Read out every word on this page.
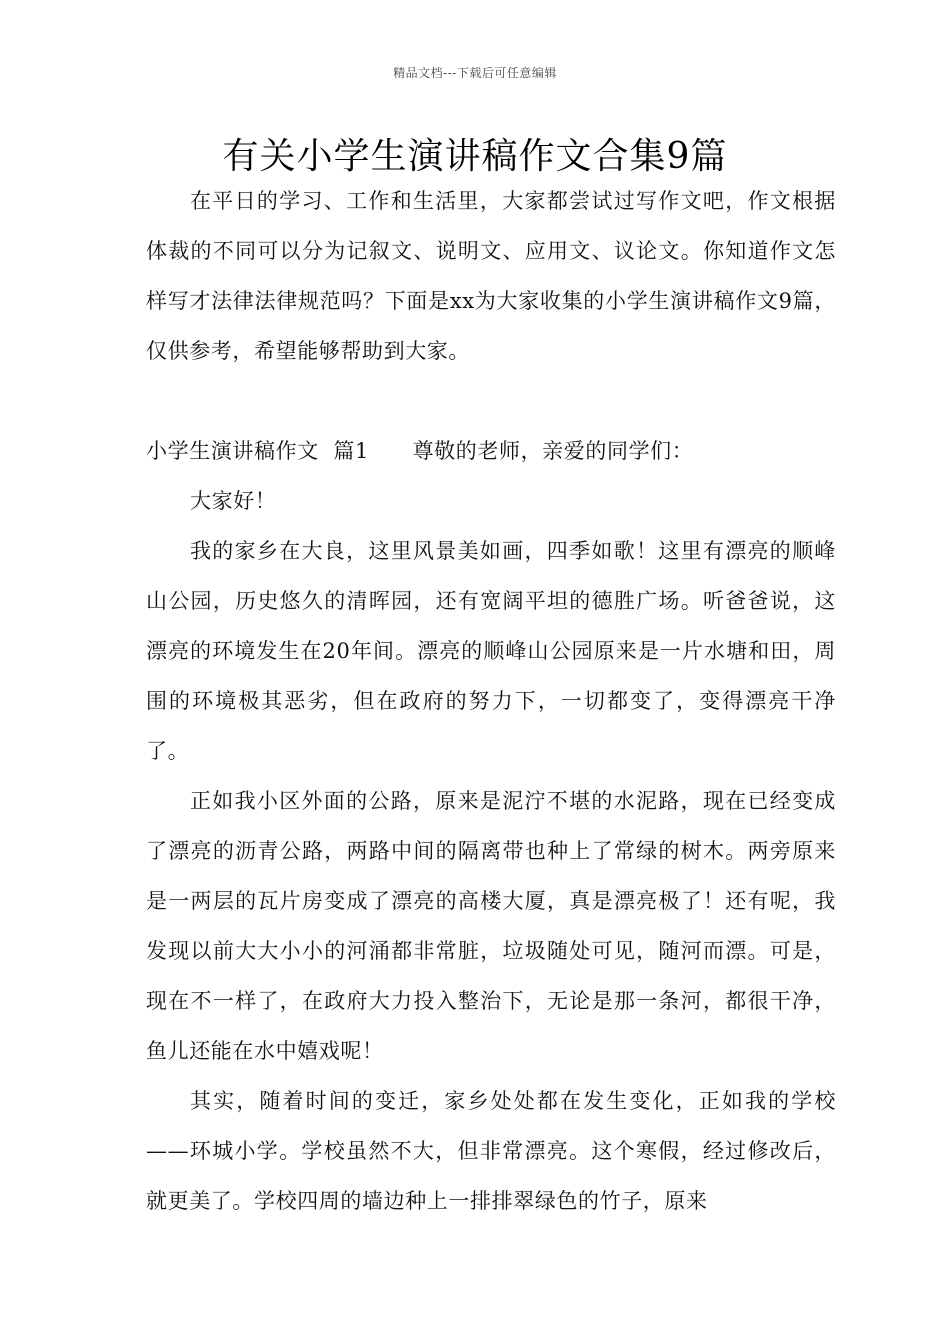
精品文档---下载后可任意编辑
有关小学生演讲稿作文合集9篇

在平日的学习、工作和生活里，大家都尝试过写作文吧，作文根据体裁的不同可以分为记叙文、说明文、应用文、议论文。你知道作文怎样写才法律法律规范吗？下面是xx为大家收集的小学生演讲稿作文9篇，仅供参考，希望能够帮助到大家。

小学生演讲稿作文  篇1 尊敬的老师，亲爱的同学们：

大家好！

我的家乡在大良，这里风景美如画，四季如歌！这里有漂亮的顺峰山公园，历史悠久的清晖园，还有宽阔平坦的德胜广场。听爸爸说，这漂亮的环境发生在20年间。漂亮的顺峰山公园原来是一片水塘和田，周围的环境极其恶劣，但在政府的努力下，一切都变了，变得漂亮干净了。

正如我小区外面的公路，原来是泥泞不堪的水泥路，现在已经变成了漂亮的沥青公路，两路中间的隔离带也种上了常绿的树木。两旁原来是一两层的瓦片房变成了漂亮的高楼大厦，真是漂亮极了！还有呢，我发现以前大大小小的河涌都非常脏，垃圾随处可见，随河而漂。可是，现在不一样了，在政府大力投入整治下，无论是那一条河，都很干净，鱼儿还能在水中嬉戏呢！

其实，随着时间的变迁，家乡处处都在发生变化，正如我的学校——环城小学。学校虽然不大，但非常漂亮。这个寒假，经过修改后，就更美了。学校四周的墙边种上一排排翠绿色的竹子，原来
